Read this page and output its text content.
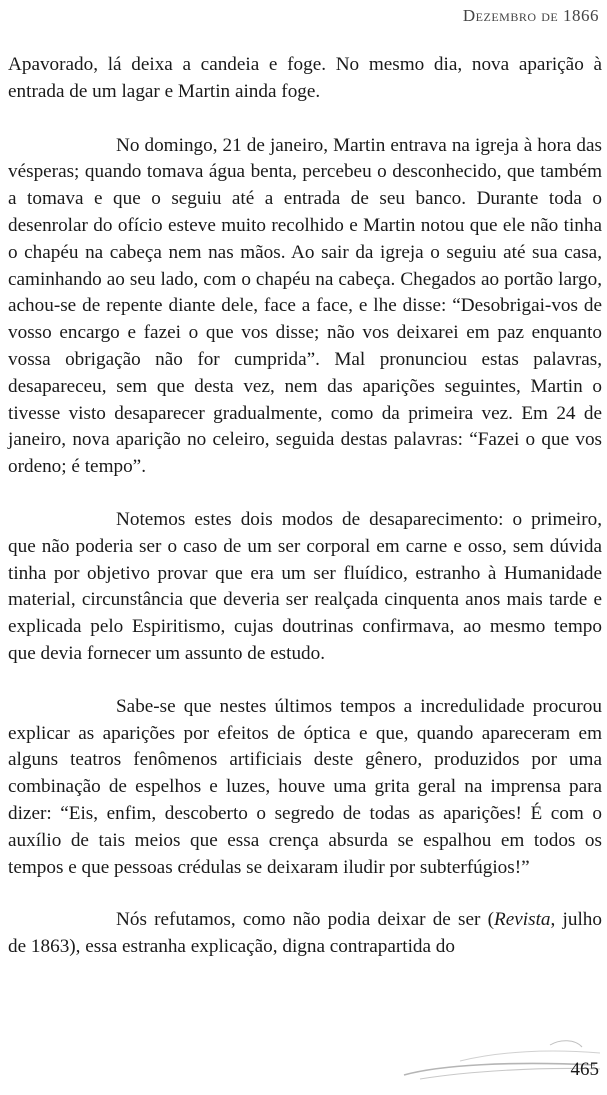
Dezembro de 1866

Apavorado, lá deixa a candeia e foge. No mesmo dia, nova aparição à entrada de um lagar e Martin ainda foge.

No domingo, 21 de janeiro, Martin entrava na igreja à hora das vésperas; quando tomava água benta, percebeu o desconhecido, que também a tomava e que o seguiu até a entrada de seu banco. Durante toda o desenrolar do ofício esteve muito recolhido e Martin notou que ele não tinha o chapéu na cabeça nem nas mãos. Ao sair da igreja o seguiu até sua casa, caminhando ao seu lado, com o chapéu na cabeça. Chegados ao portão largo, achou-se de repente diante dele, face a face, e lhe disse: “Desobrigai-vos de vosso encargo e fazei o que vos disse; não vos deixarei em paz enquanto vossa obrigação não for cumprida”. Mal pronunciou estas palavras, desapareceu, sem que desta vez, nem das aparições seguintes, Martin o tivesse visto desaparecer gradualmente, como da primeira vez. Em 24 de janeiro, nova aparição no celeiro, seguida destas palavras: “Fazei o que vos ordeno; é tempo”.

Notemos estes dois modos de desaparecimento: o primeiro, que não poderia ser o caso de um ser corporal em carne e osso, sem dúvida tinha por objetivo provar que era um ser fluídico, estranho à Humanidade material, circunstância que deveria ser realçada cinquenta anos mais tarde e explicada pelo Espiritismo, cujas doutrinas confirmava, ao mesmo tempo que devia fornecer um assunto de estudo.

Sabe-se que nestes últimos tempos a incredulidade procurou explicar as aparições por efeitos de óptica e que, quando apareceram em alguns teatros fenômenos artificiais deste gênero, produzidos por uma combinação de espelhos e luzes, houve uma grita geral na imprensa para dizer: “Eis, enfim, descoberto o segredo de todas as aparições! É com o auxílio de tais meios que essa crença absurda se espalhou em todos os tempos e que pessoas crédulas se deixaram iludir por subterfúgios!”

Nós refutamos, como não podia deixar de ser (Revista, julho de 1863), essa estranha explicação, digna contrapartida do

465
